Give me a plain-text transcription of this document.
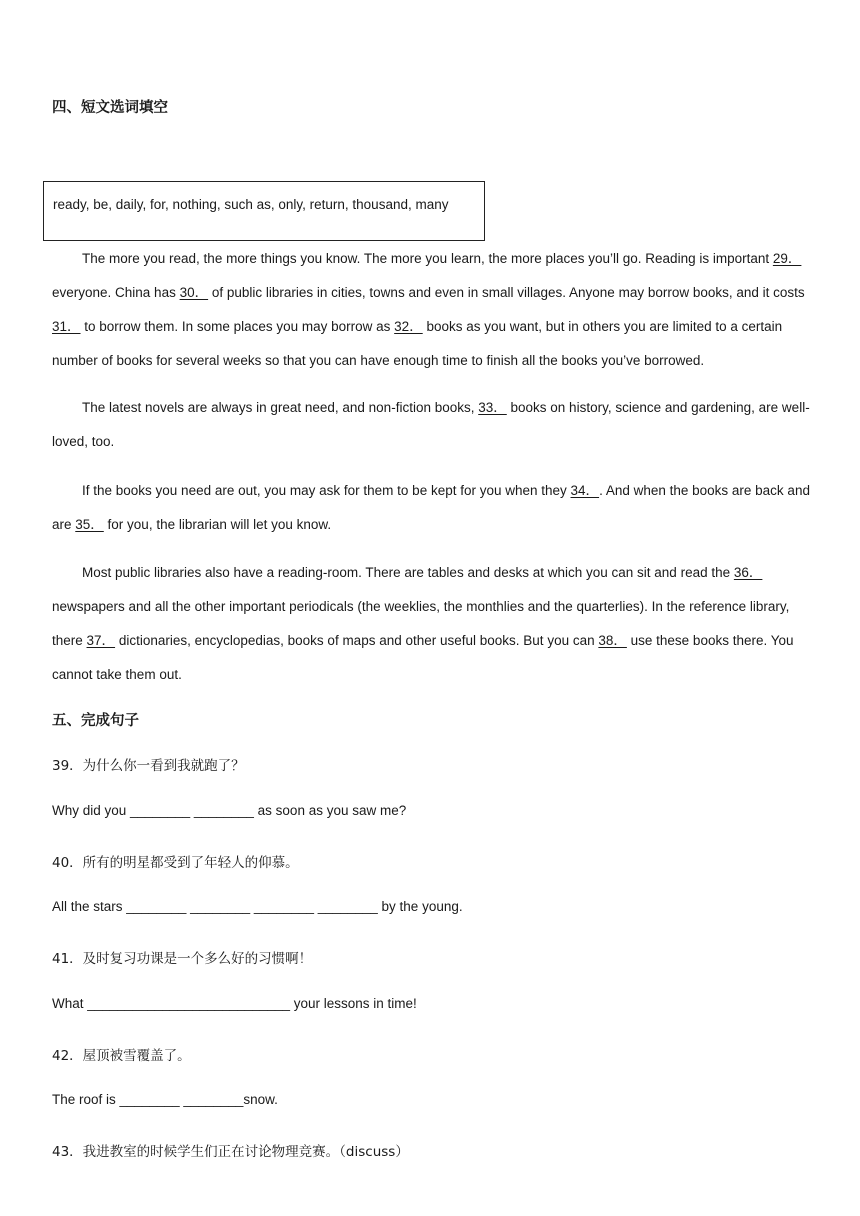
四、短文选词填空
ready, be, daily, for, nothing, such as, only, return, thousand, many

The more you read, the more things you know. The more you learn, the more places you’ll go. Reading is important 29． everyone. China has 30． of public libraries in cities, towns and even in small villages. Anyone may borrow books, and it costs 31． to borrow them. In some places you may borrow as 32． books as you want, but in others you are limited to a certain number of books for several weeks so that you can have enough time to finish all the books you’ve borrowed.

The latest novels are always in great need, and non-fiction books, 33． books on history, science and gardening, are well-loved, too.

If the books you need are out, you may ask for them to be kept for you when they 34．. And when the books are back and are 35． for you, the librarian will let you know.

Most public libraries also have a reading-room. There are tables and desks at which you can sit and read the 36． newspapers and all the other important periodicals (the weeklies, the monthlies and the quarterlies). In the reference library, there 37． dictionaries, encyclopedias, books of maps and other useful books. But you can 38． use these books there. You cannot take them out.

五、完成句子
39．为什么你一看到我就跑了？
Why did you ________ ________ as soon as you saw me?
40．所有的明星都受到了年轻人的仰慕。
All the stars ________ ________ ________ ________ by the young.
41．及时复习功课是一个多么好的习惯啊！
What ___________________________ your lessons in time!
42．屋顶被雪覆盖了。
The roof is ________ ________snow.
43．我进教室的时候学生们正在讨论物理竞赛。（discuss）
